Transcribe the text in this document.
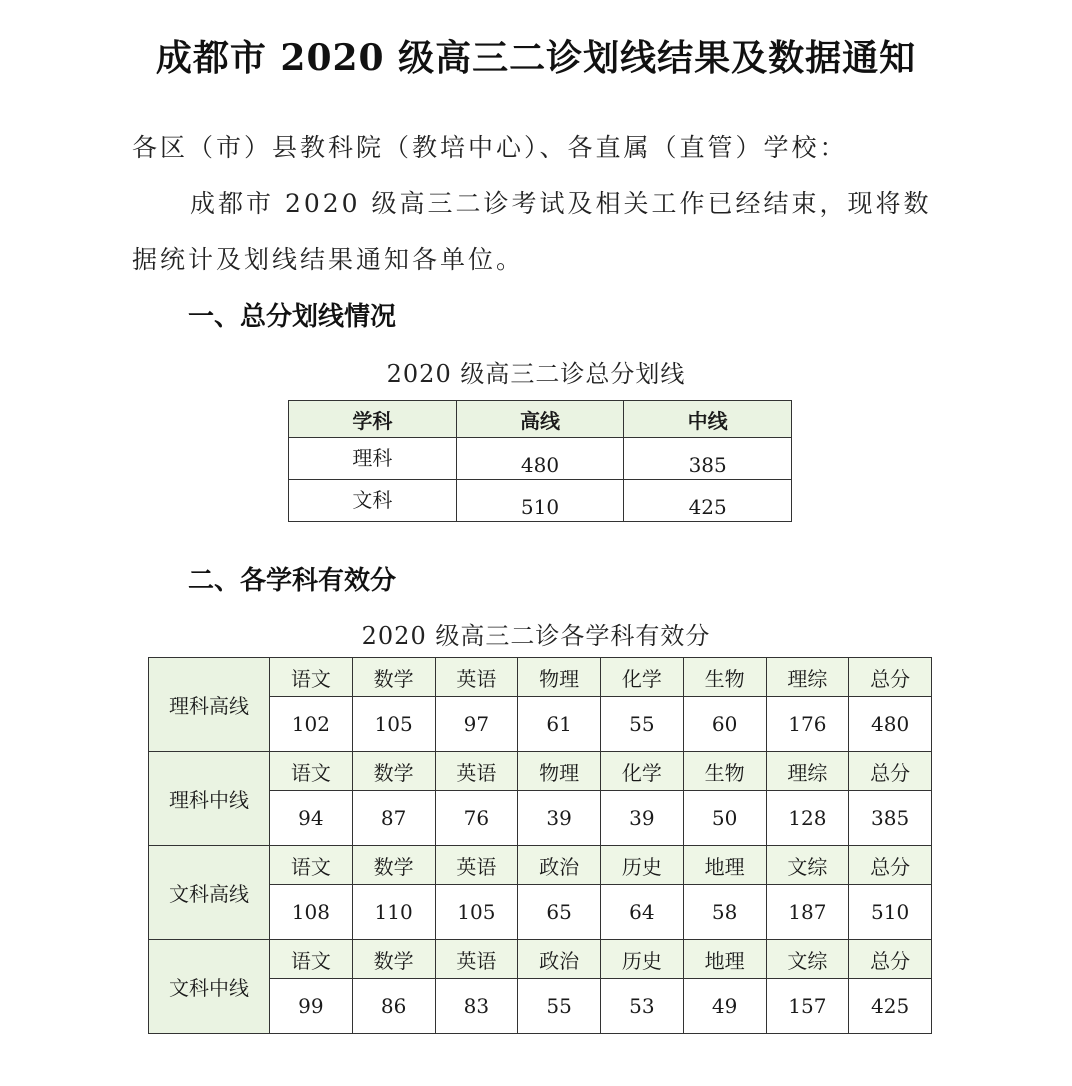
成都市 2020 级高三二诊划线结果及数据通知
各区（市）县教科院（教培中心）、各直属（直管）学校：
成都市 2020 级高三二诊考试及相关工作已经结束，现将数
据统计及划线结果通知各单位。
一、总分划线情况
2020 级高三二诊总分划线
学科	高线	中线
理科	480	385
文科	510	425
二、各学科有效分
2020 级高三二诊各学科有效分
理科高线	语文	数学	英语	物理	化学	生物	理综	总分
	102	105	97	61	55	60	176	480
理科中线	语文	数学	英语	物理	化学	生物	理综	总分
	94	87	76	39	39	50	128	385
文科高线	语文	数学	英语	政治	历史	地理	文综	总分
	108	110	105	65	64	58	187	510
文科中线	语文	数学	英语	政治	历史	地理	文综	总分
	99	86	83	55	53	49	157	425
